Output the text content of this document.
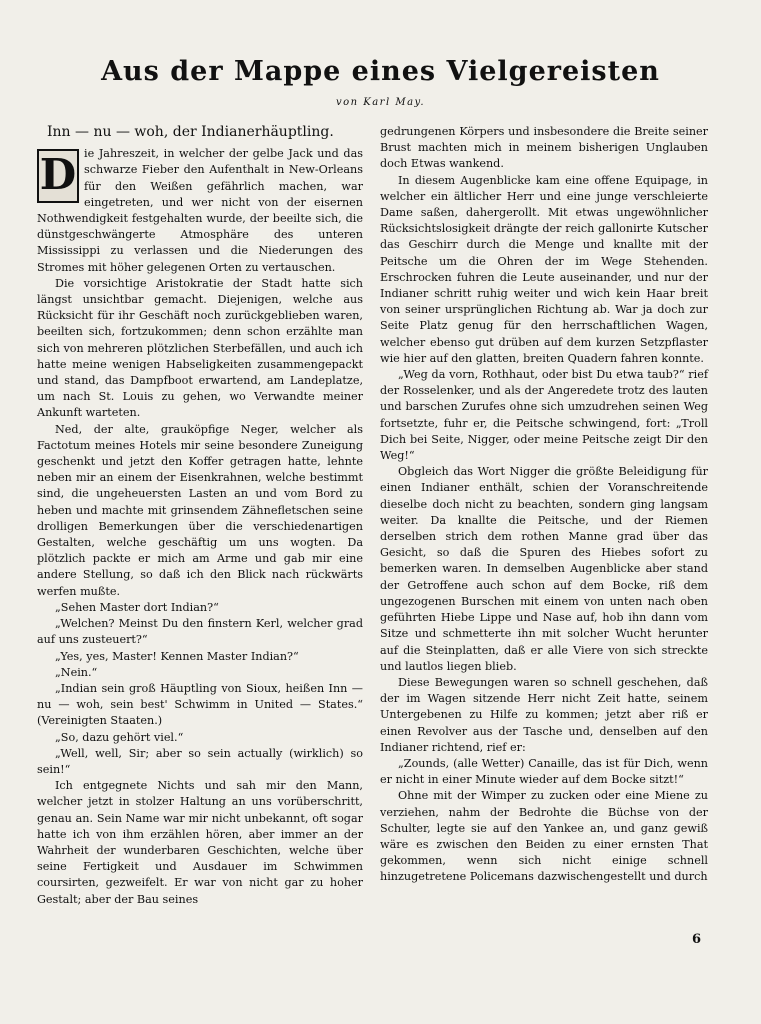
Aus der Mappe eines Vielgereisten
von Karl May.
Inn — nu — woh, der Indianerhäuptling.

D ie Jahreszeit, in welcher der gelbe Jack und das schwarze Fieber den Aufenthalt in New-Orleans für den Weißen gefährlich machen, war eingetreten, und wer nicht von der eisernen Nothwendigkeit festgehalten wurde, der beeilte sich, die dünstgeschwängerte Atmosphäre des unteren Mississippi zu verlassen und die Niederungen des Stromes mit höher gelegenen Orten zu vertauschen.

Die vorsichtige Aristokratie der Stadt hatte sich längst unsichtbar gemacht. Diejenigen, welche aus Rücksicht für ihr Geschäft noch zurückgeblieben waren, beeilten sich, fortzukommen; denn schon erzählte man sich von mehreren plötzlichen Sterbefällen, und auch ich hatte meine wenigen Habseligkeiten zusammengepackt und stand, das Dampfboot erwartend, am Landeplatze, um nach St. Louis zu gehen, wo Verwandte meiner Ankunft warteten.

Ned, der alte, grauköpfige Neger, welcher als Factotum meines Hotels mir seine besondere Zuneigung geschenkt und jetzt den Koffer getragen hatte, lehnte neben mir an einem der Eisenkrahnen, welche bestimmt sind, die ungeheuersten Lasten an und vom Bord zu heben und machte mit grinsendem Zähnefletschen seine drolligen Bemerkungen über die verschiedenartigen Gestalten, welche geschäftig um uns wogten. Da plötzlich packte er mich am Arme und gab mir eine andere Stellung, so daß ich den Blick nach rückwärts werfen mußte.

„Sehen Master dort Indian?“

„Welchen? Meinst Du den finstern Kerl, welcher grad auf uns zusteuert?“

„Yes, yes, Master! Kennen Master Indian?“

„Nein.“

„Indian sein groß Häuptling von Sioux, heißen Inn — nu — woh, sein best' Schwimm in United — States.“ (Vereinigten Staaten.)

„So, dazu gehört viel.“

„Well, well, Sir; aber so sein actually (wirklich) so sein!“

Ich entgegnete Nichts und sah mir den Mann, welcher jetzt in stolzer Haltung an uns vorüberschritt, genau an. Sein Name war mir nicht unbekannt, oft sogar hatte ich von ihm erzählen hören, aber immer an der Wahrheit der wunderbaren Geschichten, welche über seine Fertigkeit und Ausdauer im Schwimmen coursirten, gezweifelt. Er war von nicht gar zu hoher Gestalt; aber der Bau seines

gedrungenen Körpers und insbesondere die Breite seiner Brust machten mich in meinem bisherigen Unglauben doch Etwas wankend.

In diesem Augenblicke kam eine offene Equipage, in welcher ein ältlicher Herr und eine junge verschleierte Dame saßen, dahergerollt. Mit etwas ungewöhnlicher Rücksichtslosigkeit drängte der reich gallonirte Kutscher das Geschirr durch die Menge und knallte mit der Peitsche um die Ohren der im Wege Stehenden. Erschrocken fuhren die Leute auseinander, und nur der Indianer schritt ruhig weiter und wich kein Haar breit von seiner ursprünglichen Richtung ab. War ja doch zur Seite Platz genug für den herrschaftlichen Wagen, welcher ebenso gut drüben auf dem kurzen Setzpflaster wie hier auf den glatten, breiten Quadern fahren konnte.

„Weg da vorn, Rothhaut, oder bist Du etwa taub?“ rief der Rosselenker, und als der Angeredete trotz des lauten und barschen Zurufes ohne sich umzudrehen seinen Weg fortsetzte, fuhr er, die Peitsche schwingend, fort: „Troll Dich bei Seite, Nigger, oder meine Peitsche zeigt Dir den Weg!“

Obgleich das Wort Nigger die größte Beleidigung für einen Indianer enthält, schien der Voranschreitende dieselbe doch nicht zu beachten, sondern ging langsam weiter. Da knallte die Peitsche, und der Riemen derselben strich dem rothen Manne grad über das Gesicht, so daß die Spuren des Hiebes sofort zu bemerken waren. In demselben Augenblicke aber stand der Getroffene auch schon auf dem Bocke, riß dem ungezogenen Burschen mit einem von unten nach oben geführten Hiebe Lippe und Nase auf, hob ihn dann vom Sitze und schmetterte ihn mit solcher Wucht herunter auf die Steinplatten, daß er alle Viere von sich streckte und lautlos liegen blieb.

Diese Bewegungen waren so schnell geschehen, daß der im Wagen sitzende Herr nicht Zeit hatte, seinem Untergebenen zu Hilfe zu kommen; jetzt aber riß er einen Revolver aus der Tasche und, denselben auf den Indianer richtend, rief er:

„Zounds, (alle Wetter) Canaille, das ist für Dich, wenn er nicht in einer Minute wieder auf dem Bocke sitzt!“

Ohne mit der Wimper zu zucken oder eine Miene zu verziehen, nahm der Bedrohte die Büchse von der Schulter, legte sie auf den Yankee an, und ganz gewiß wäre es zwischen den Beiden zu einer ernsten That gekommen, wenn sich nicht einige schnell hinzugetretene Policemans dazwischengestellt und durch

6
